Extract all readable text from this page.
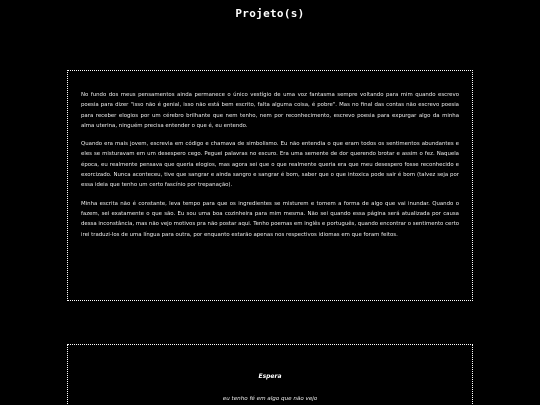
Projeto(s)

No fundo dos meus pensamentos ainda permanece o único vestígio de uma voz fantasma sempre voltando para mim quando escrevo poesia para dizer "isso não é genial, isso não está bem escrito, falta alguma coisa, é pobre". Mas no final das contas não escrevo poesia para receber elogios por um cérebro brilhante que nem tenho, nem por reconhecimento, escrevo poesia para expurgar algo da minha alma uterina, ninguém precisa entender o que é, eu entendo.

Quando era mais jovem, escrevia em código e chamava de simbolismo. Eu não entendia o que eram todos os sentimentos abundantes e eles se misturavam em um desespero cego. Peguei palavras no escuro. Era uma semente de dor querendo brotar e assim o fez. Naquela época, eu realmente pensava que queria elogios, mas agora sei que o que realmente queria era que meu desespero fosse reconhecido e exorcizado. Nunca aconteceu, tive que sangrar e ainda sangro e sangrar é bom, saber que o que intoxica pode sair é bom (talvez seja por essa ideia que tenho um certo fascínio por trepanação).

Minha escrita não é constante, leva tempo para que os ingredientes se misturem e tomem a forma de algo que vai inundar. Quando o fazem, sei exatamente o que são. Eu sou uma boa cozinheira para mim mesma. Não sei quando essa página será atualizada por causa dessa inconstância, mas não vejo motivos pra não postar aqui. Tenho poemas em inglês e português, quando encontrar o sentimento certo irei traduzi-los de uma língua para outra, por enquanto estarão apenas nos respectivos idiomas em que foram feitos.

Espera
eu tenho fé em algo que não vejo
